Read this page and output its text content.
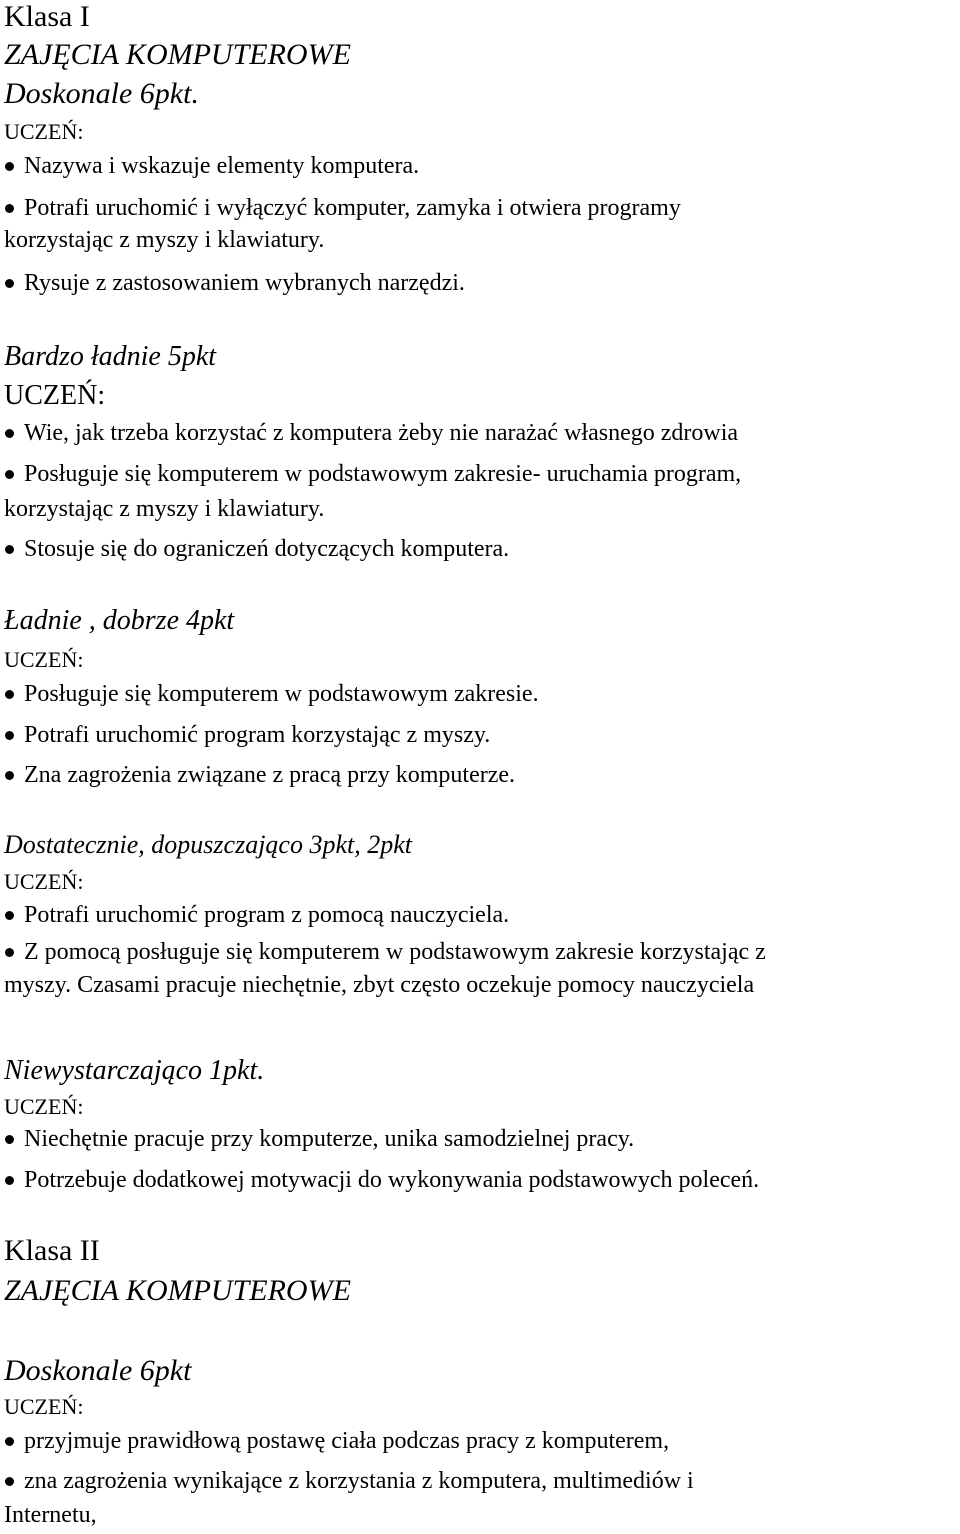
Klasa I
ZAJĘCIA KOMPUTEROWE
Doskonale 6pkt.
UCZEŃ:
Nazywa i wskazuje elementy komputera.
Potrafi uruchomić i wyłączyć komputer, zamyka i otwiera programy
korzystając z myszy i klawiatury.
Rysuje z zastosowaniem wybranych narzędzi.
Bardzo ładnie 5pkt
UCZEŃ:
Wie, jak trzeba korzystać z komputera żeby nie narażać własnego zdrowia
Posługuje się komputerem w podstawowym zakresie- uruchamia program,
korzystając z myszy i klawiatury.
Stosuje się do ograniczeń dotyczących komputera.
Ładnie , dobrze 4pkt
UCZEŃ:
Posługuje się komputerem w podstawowym zakresie.
Potrafi uruchomić program korzystając z myszy.
Zna zagrożenia związane z pracą przy komputerze.
Dostatecznie, dopuszczająco 3pkt, 2pkt
UCZEŃ:
Potrafi uruchomić program z pomocą nauczyciela.
Z pomocą posługuje się komputerem w podstawowym zakresie korzystając z
myszy. Czasami pracuje niechętnie, zbyt często oczekuje pomocy nauczyciela
Niewystarczająco 1pkt.
UCZEŃ:
Niechętnie pracuje przy komputerze, unika samodzielnej pracy.
Potrzebuje dodatkowej motywacji do wykonywania podstawowych poleceń.
Klasa II
ZAJĘCIA KOMPUTEROWE
Doskonale 6pkt
UCZEŃ:
przyjmuje prawidłową postawę ciała podczas pracy z komputerem,
zna zagrożenia wynikające z korzystania z komputera, multimediów i
Internetu,
